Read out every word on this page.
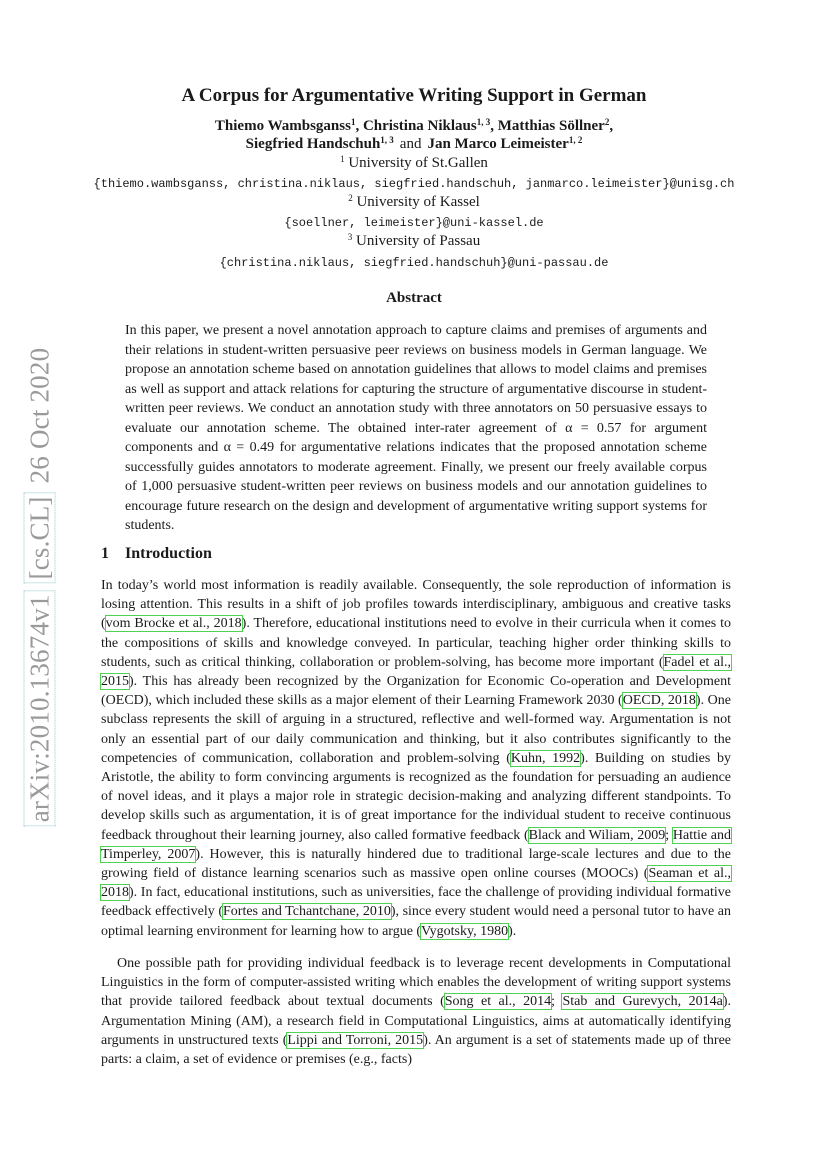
arXiv:2010.13674v1 [cs.CL] 26 Oct 2020
A Corpus for Argumentative Writing Support in German
Thiemo Wambsganss$^1$, Christina Niklaus$^{1, 3}$, Matthias Söllner$^2$,
Siegfried Handschuh$^{1, 3}$ and Jan Marco Leimeister$^{1, 2}$
$^1$ University of St.Gallen
{thiemo.wambsganss, christina.niklaus, siegfried.handschuh, janmarco.leimeister}@unisg.ch
$^2$ University of Kassel
{soellner, leimeister}@uni-kassel.de
$^3$ University of Passau
{christina.niklaus, siegfried.handschuh}@uni-passau.de
Abstract

In this paper, we present a novel annotation approach to capture claims and premises of arguments and their relations in student-written persuasive peer reviews on business models in German language. We propose an annotation scheme based on annotation guidelines that allows to model claims and premises as well as support and attack relations for capturing the structure of argumentative discourse in student-written peer reviews. We conduct an annotation study with three annotators on 50 persuasive essays to evaluate our annotation scheme. The obtained inter-rater agreement of α = 0.57 for argument components and α = 0.49 for argumentative relations indicates that the proposed annotation scheme successfully guides annotators to moderate agreement. Finally, we present our freely available corpus of 1,000 persuasive student-written peer reviews on business models and our annotation guidelines to encourage future research on the design and development of argumentative writing support systems for students.

1 Introduction

In today’s world most information is readily available. Consequently, the sole reproduction of information is losing attention. This results in a shift of job profiles towards interdisciplinary, ambiguous and creative tasks (vom Brocke et al., 2018). Therefore, educational institutions need to evolve in their curricula when it comes to the compositions of skills and knowledge conveyed. In particular, teaching higher order thinking skills to students, such as critical thinking, collaboration or problem-solving, has become more important (Fadel et al., 2015). This has already been recognized by the Organization for Economic Co-operation and Development (OECD), which included these skills as a major element of their Learning Framework 2030 (OECD, 2018). One subclass represents the skill of arguing in a structured, reflective and well-formed way. Argumentation is not only an essential part of our daily communication and thinking, but it also contributes significantly to the competencies of communication, collaboration and problem-solving (Kuhn, 1992). Building on studies by Aristotle, the ability to form convincing arguments is recognized as the foundation for persuading an audience of novel ideas, and it plays a major role in strategic decision-making and analyzing different standpoints. To develop skills such as argumentation, it is of great importance for the individual student to receive continuous feedback throughout their learning journey, also called formative feedback (Black and Wiliam, 2009; Hattie and Timperley, 2007). However, this is naturally hindered due to traditional large-scale lectures and due to the growing field of distance learning scenarios such as massive open online courses (MOOCs) (Seaman et al., 2018). In fact, educational institutions, such as universities, face the challenge of providing individual formative feedback effectively (Fortes and Tchantchane, 2010), since every student would need a personal tutor to have an optimal learning environment for learning how to argue (Vygotsky, 1980).

One possible path for providing individual feedback is to leverage recent developments in Computational Linguistics in the form of computer-assisted writing which enables the development of writing support systems that provide tailored feedback about textual documents (Song et al., 2014; Stab and Gurevych, 2014a). Argumentation Mining (AM), a research field in Computational Linguistics, aims at automatically identifying arguments in unstructured texts (Lippi and Torroni, 2015). An argument is a set of statements made up of three parts: a claim, a set of evidence or premises (e.g., facts)
